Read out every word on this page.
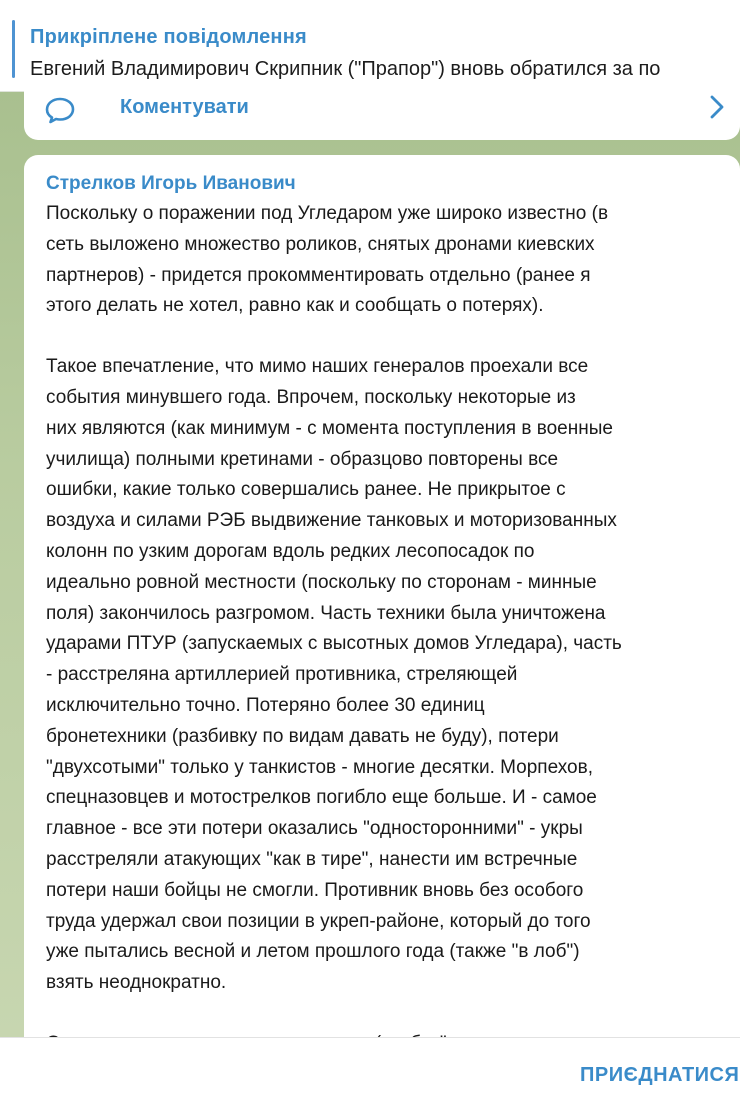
Прикріплене повідомлення
Евгений Владимирович Скрипник ("Прапор") вновь обратился за по
Коментувати
Стрелков Игорь Иванович

Поскольку о поражении под Угледаром уже широко известно (в
сеть выложено множество роликов, снятых дронами киевских
партнеров) - придется прокомментировать отдельно (ранее я
этого делать не хотел, равно как и сообщать о потерях).

Такое впечатление, что мимо наших генералов проехали все
события минувшего года. Впрочем, поскольку некоторые из
них являются (как минимум - с момента поступления в военные
училища) полными кретинами - образцово повторены все
ошибки, какие только совершались ранее. Не прикрытое с
воздуха и силами РЭБ выдвижение танковых и моторизованных
колонн по узким дорогам вдоль редких лесопосадок по
идеально ровной местности (поскольку по сторонам - минные
поля) закончилось разгромом. Часть техники была уничтожена
ударами ПТУР (запускаемых с высотных домов Угледара), часть
- расстреляна артиллерией противника, стреляющей
исключительно точно. Потеряно более 30 единиц
бронетехники (разбивку по видам давать не буду), потери
"двухсотыми" только у танкистов - многие десятки. Морпехов,
спецназовцев и мотострелков погибло еще больше. И - самое
главное - все эти потери оказались "односторонними" - укры
расстреляли атакующих "как в тире", нанести им встречные
потери наши бойцы не смогли. Противник вновь без особого
труда удержал свои позиции в укреп-районе, который до того
уже пытались весной и летом прошлого года (также "в лоб")
взять неоднократно.

ПРИЄДНАТИСЯ
